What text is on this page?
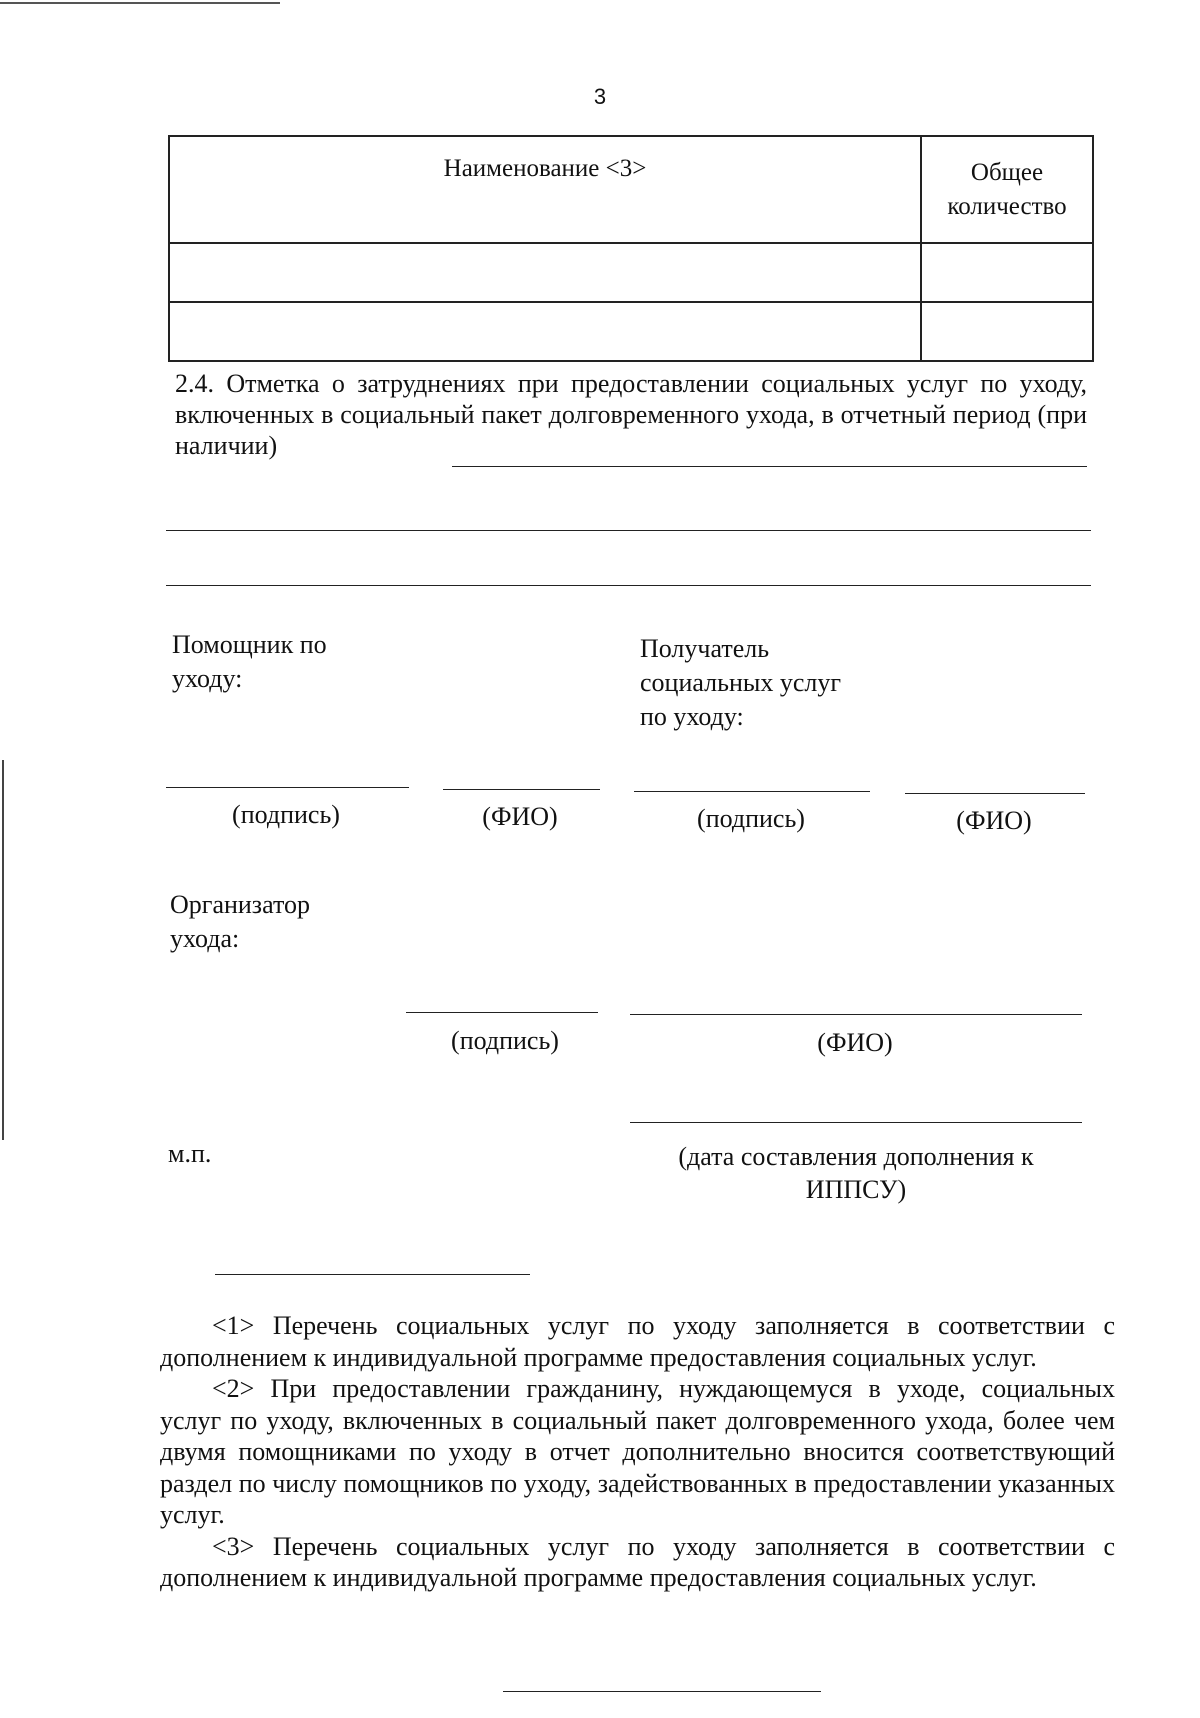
3
Наименование <3>	Общее
количество

2.4. Отметка о затруднениях при предоставлении социальных услуг по уходу, включенных в социальный пакет долговременного ухода, в отчетный период (при наличии)
Помощник по
уходу:
Получатель
социальных услуг
по уходу:
(подпись)	(ФИО)	(подпись)	(ФИО)
Организатор
ухода:
(подпись)	(ФИО)
м.п.	(дата составления дополнения к
ИППСУ)

<1> Перечень социальных услуг по уходу заполняется в соответствии с дополнением к индивидуальной программе предоставления социальных услуг.

<2> При предоставлении гражданину, нуждающемуся в уходе, социальных услуг по уходу, включенных в социальный пакет долговременного ухода, более чем двумя помощниками по уходу в отчет дополнительно вносится соответствующий раздел по числу помощников по уходу, задействованных в предоставлении указанных услуг.

<3> Перечень социальных услуг по уходу заполняется в соответствии с дополнением к индивидуальной программе предоставления социальных услуг.
